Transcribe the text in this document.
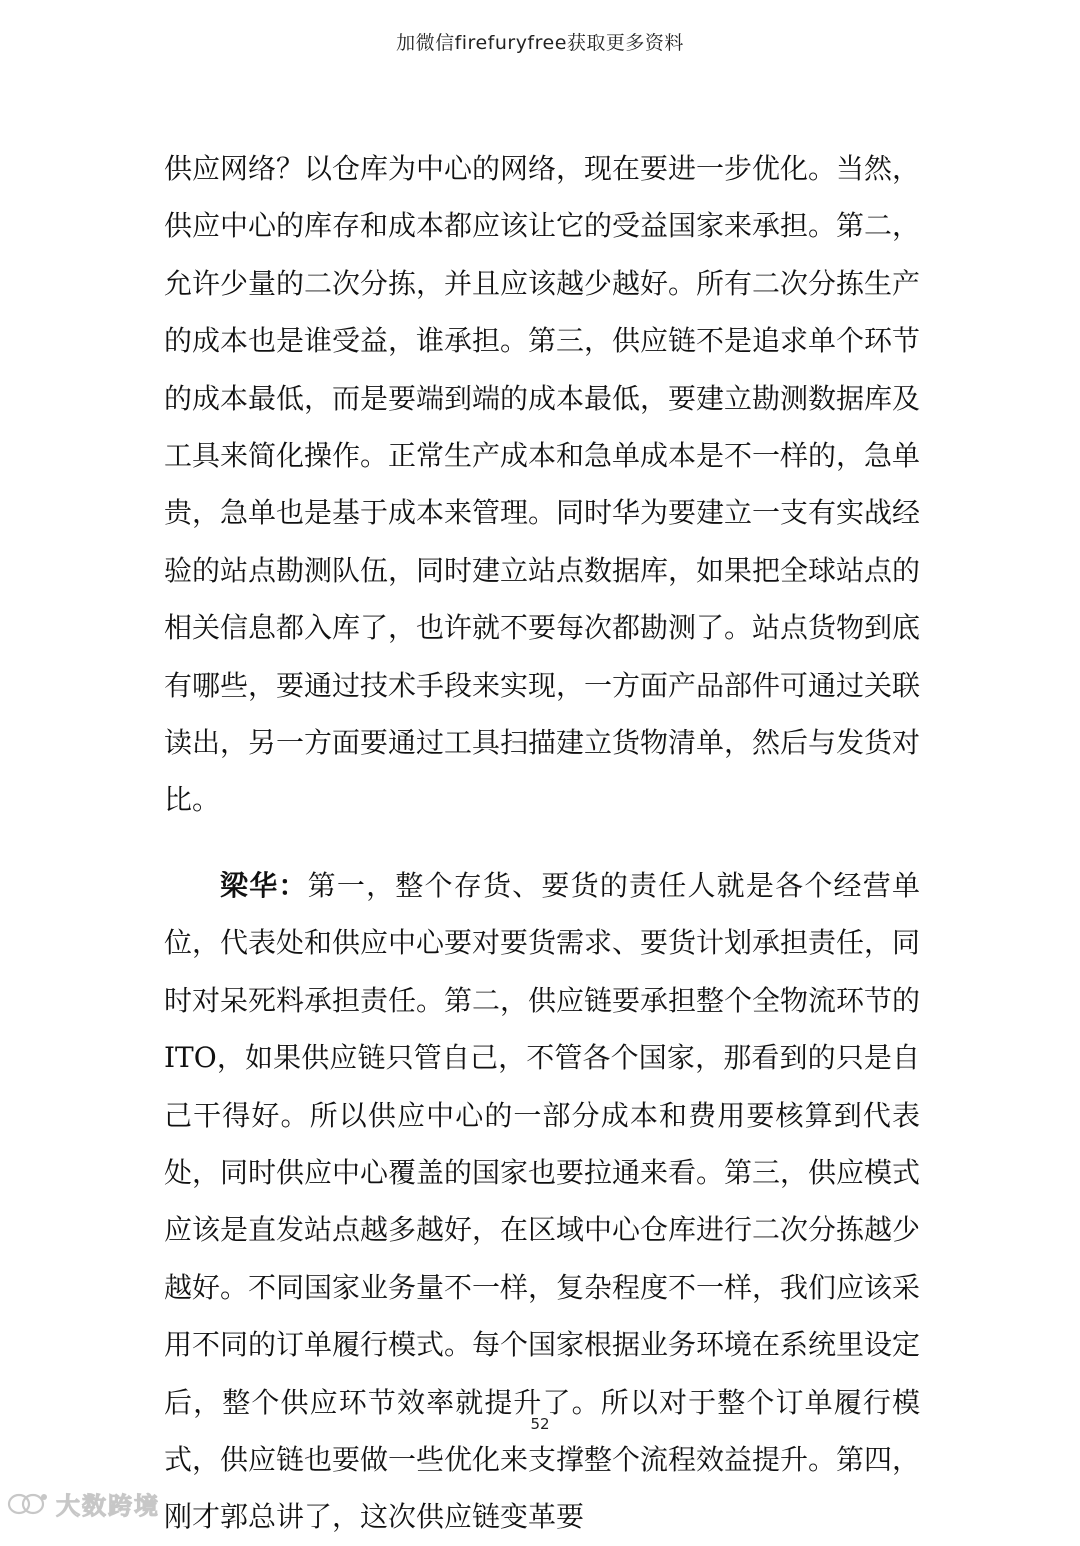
加微信firefuryfree获取更多资料

供应网络？以仓库为中心的网络，现在要进一步优化。当然，供应中心的库存和成本都应该让它的受益国家来承担。第二，允许少量的二次分拣，并且应该越少越好。所有二次分拣生产的成本也是谁受益，谁承担。第三，供应链不是追求单个环节的成本最低，而是要端到端的成本最低，要建立勘测数据库及工具来简化操作。正常生产成本和急单成本是不一样的，急单贵，急单也是基于成本来管理。同时华为要建立一支有实战经验的站点勘测队伍，同时建立站点数据库，如果把全球站点的相关信息都入库了，也许就不要每次都勘测了。站点货物到底有哪些，要通过技术手段来实现，一方面产品部件可通过关联读出，另一方面要通过工具扫描建立货物清单，然后与发货对比。

梁华：第一，整个存货、要货的责任人就是各个经营单位，代表处和供应中心要对要货需求、要货计划承担责任，同时对呆死料承担责任。第二，供应链要承担整个全物流环节的 ITO，如果供应链只管自己，不管各个国家，那看到的只是自己干得好。所以供应中心的一部分成本和费用要核算到代表处，同时供应中心覆盖的国家也要拉通来看。第三，供应模式应该是直发站点越多越好，在区域中心仓库进行二次分拣越少越好。不同国家业务量不一样，复杂程度不一样，我们应该采用不同的订单履行模式。每个国家根据业务环境在系统里设定后，整个供应环节效率就提升了。所以对于整个订单履行模式，供应链也要做一些优化来支撑整个流程效益提升。第四，刚才郭总讲了，这次供应链变革要

52
大数跨境
